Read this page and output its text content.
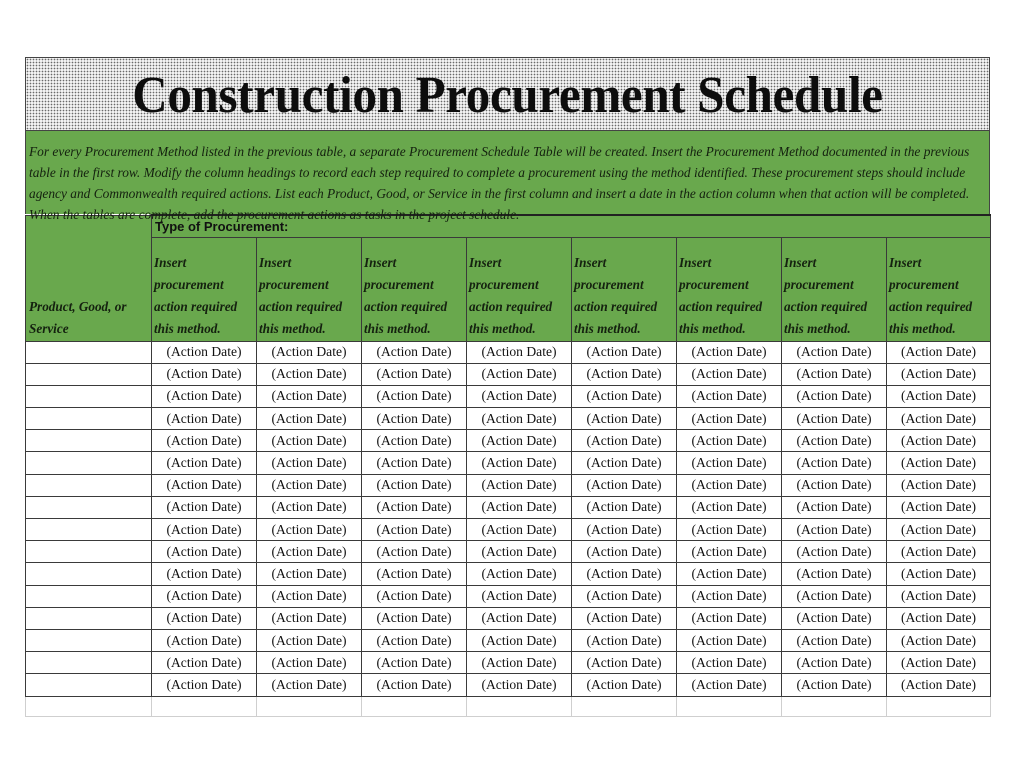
Construction Procurement Schedule
For every Procurement Method listed in the previous table, a separate Procurement Schedule Table will be created. Insert the Procurement Method documented in the previous table in the first row. Modify the column headings to record each step required to complete a procurement using the method identified. These procurement steps should include agency and Commonwealth required actions. List each Product, Good, or Service in the first column and insert a date in the action column when that action will be completed. When the tables are complete, add the procurement actions as tasks in the project schedule.
Product, Good, or Service	Type of Procurement:							
	Insert procurement action required this method.	Insert procurement action required this method.	Insert procurement action required this method.	Insert procurement action required this method.	Insert procurement action required this method.	Insert procurement action required this method.	Insert procurement action required this method.	Insert procurement action required this method.
	(Action Date)	(Action Date)	(Action Date)	(Action Date)	(Action Date)	(Action Date)	(Action Date)	(Action Date)
	(Action Date)	(Action Date)	(Action Date)	(Action Date)	(Action Date)	(Action Date)	(Action Date)	(Action Date)
	(Action Date)	(Action Date)	(Action Date)	(Action Date)	(Action Date)	(Action Date)	(Action Date)	(Action Date)
	(Action Date)	(Action Date)	(Action Date)	(Action Date)	(Action Date)	(Action Date)	(Action Date)	(Action Date)
	(Action Date)	(Action Date)	(Action Date)	(Action Date)	(Action Date)	(Action Date)	(Action Date)	(Action Date)
	(Action Date)	(Action Date)	(Action Date)	(Action Date)	(Action Date)	(Action Date)	(Action Date)	(Action Date)
	(Action Date)	(Action Date)	(Action Date)	(Action Date)	(Action Date)	(Action Date)	(Action Date)	(Action Date)
	(Action Date)	(Action Date)	(Action Date)	(Action Date)	(Action Date)	(Action Date)	(Action Date)	(Action Date)
	(Action Date)	(Action Date)	(Action Date)	(Action Date)	(Action Date)	(Action Date)	(Action Date)	(Action Date)
	(Action Date)	(Action Date)	(Action Date)	(Action Date)	(Action Date)	(Action Date)	(Action Date)	(Action Date)
	(Action Date)	(Action Date)	(Action Date)	(Action Date)	(Action Date)	(Action Date)	(Action Date)	(Action Date)
	(Action Date)	(Action Date)	(Action Date)	(Action Date)	(Action Date)	(Action Date)	(Action Date)	(Action Date)
	(Action Date)	(Action Date)	(Action Date)	(Action Date)	(Action Date)	(Action Date)	(Action Date)	(Action Date)
	(Action Date)	(Action Date)	(Action Date)	(Action Date)	(Action Date)	(Action Date)	(Action Date)	(Action Date)
	(Action Date)	(Action Date)	(Action Date)	(Action Date)	(Action Date)	(Action Date)	(Action Date)	(Action Date)
	(Action Date)	(Action Date)	(Action Date)	(Action Date)	(Action Date)	(Action Date)	(Action Date)	(Action Date)
